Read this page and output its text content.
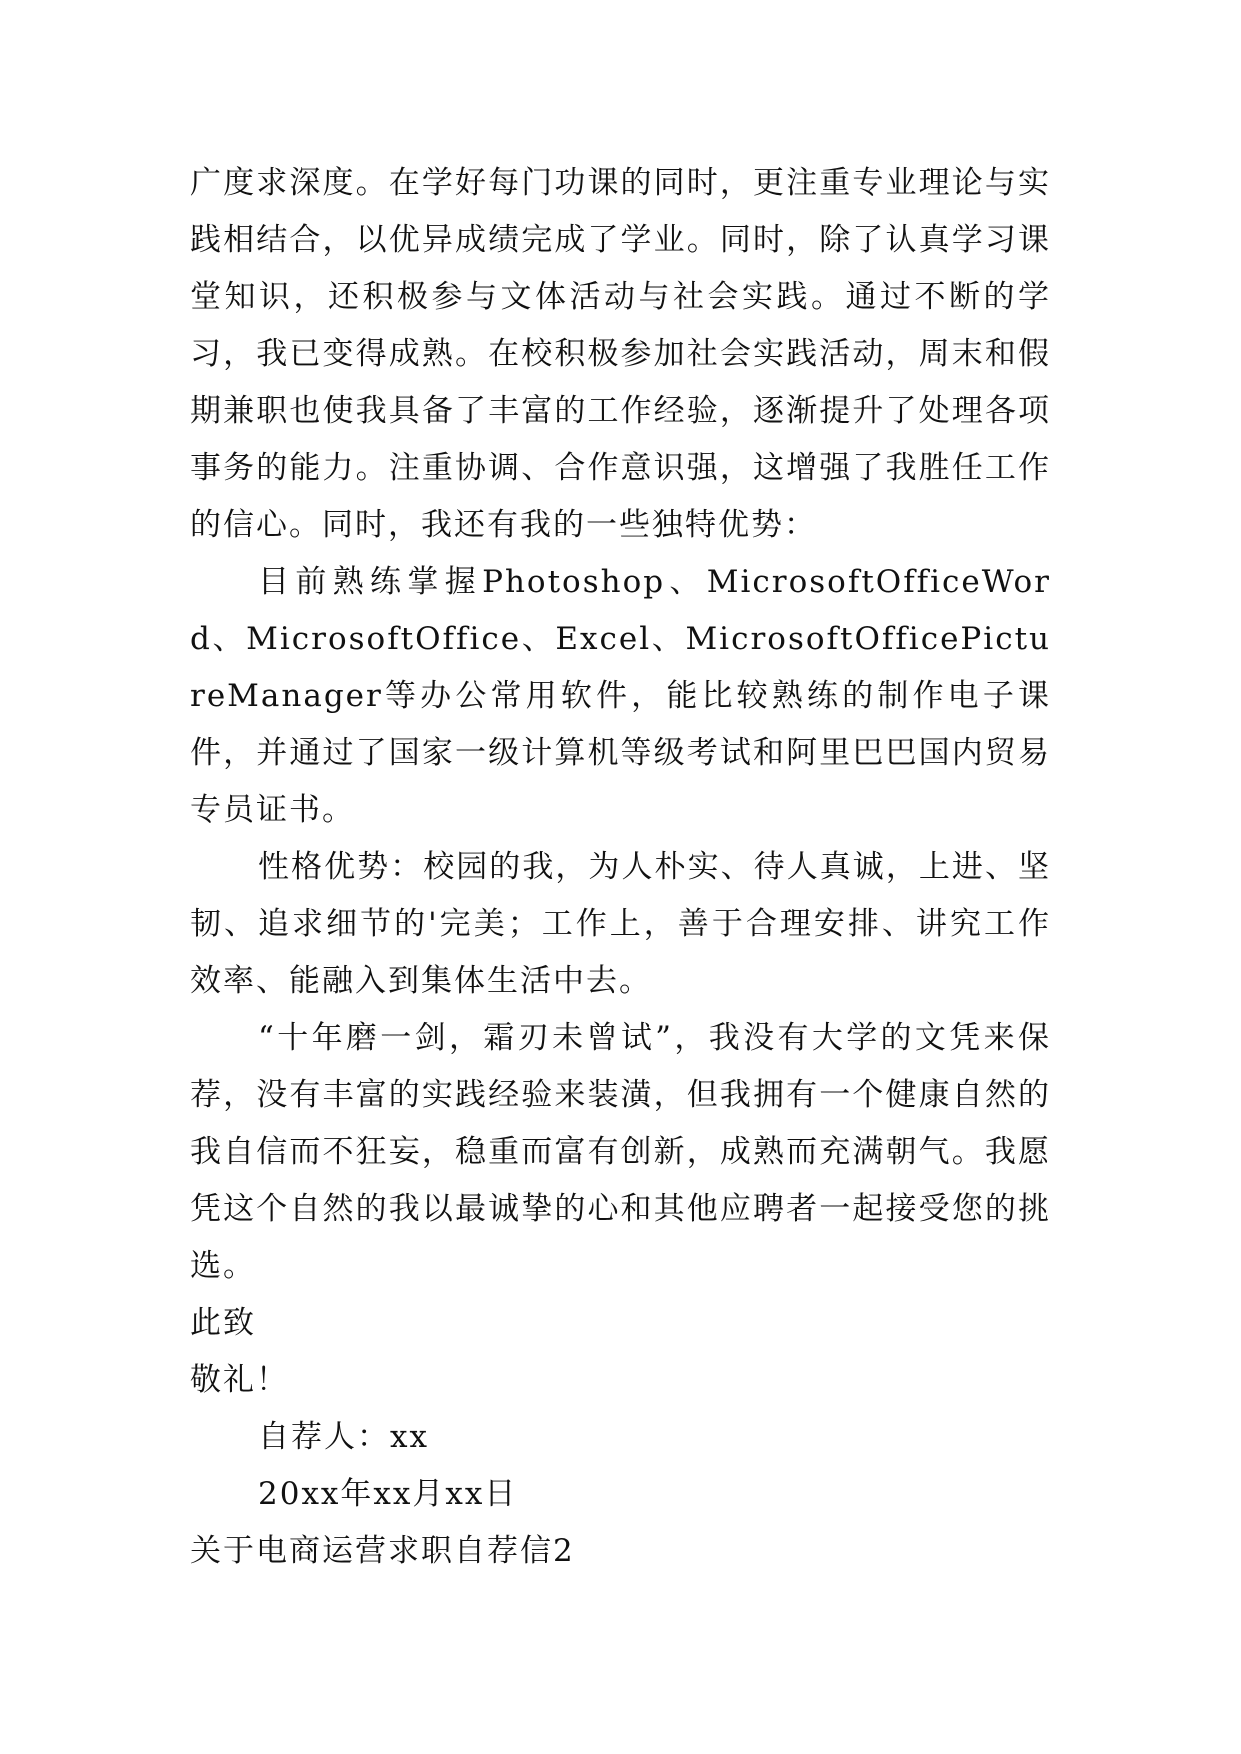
广度求深度。在学好每门功课的同时，更注重专业理论与实践相结合，以优异成绩完成了学业。同时，除了认真学习课堂知识，还积极参与文体活动与社会实践。通过不断的学习，我已变得成熟。在校积极参加社会实践活动，周末和假期兼职也使我具备了丰富的工作经验，逐渐提升了处理各项事务的能力。注重协调、合作意识强，这增强了我胜任工作的信心。同时，我还有我的一些独特优势：

目前熟练掌握Photoshop、MicrosoftOfficeWord、MicrosoftOffice、Excel、MicrosoftOfficePictureManager等办公常用软件，能比较熟练的制作电子课件，并通过了国家一级计算机等级考试和阿里巴巴国内贸易专员证书。

性格优势：校园的我，为人朴实、待人真诚，上进、坚韧、追求细节的'完美；工作上，善于合理安排、讲究工作效率、能融入到集体生活中去。

“十年磨一剑，霜刃未曾试”，我没有大学的文凭来保荐，没有丰富的实践经验来装潢，但我拥有一个健康自然的我自信而不狂妄，稳重而富有创新，成熟而充满朝气。我愿凭这个自然的我以最诚挚的心和其他应聘者一起接受您的挑选。

此致

敬礼！

自荐人：xx

20xx年xx月xx日

关于电商运营求职自荐信2
